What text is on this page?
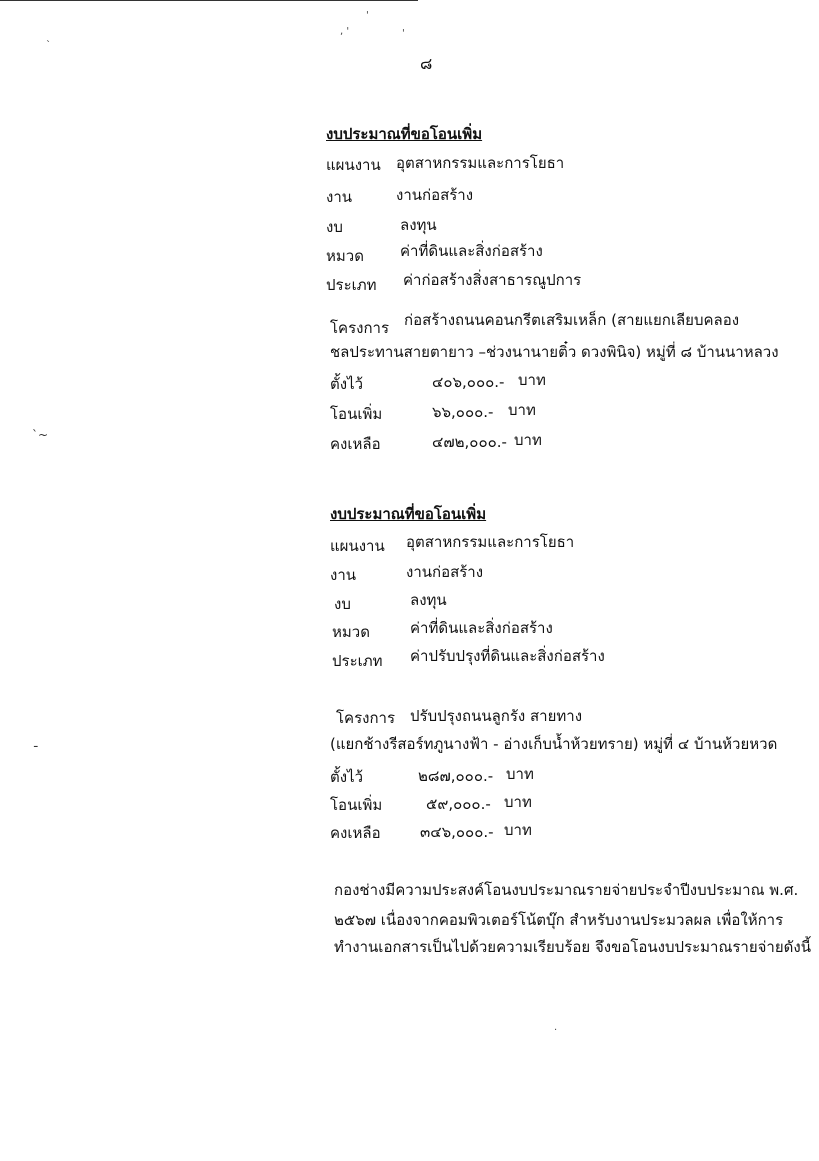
'
, '	'
`
`~
ـ
.
๘
งบประมาณที่ขอโอนเพิ่ม
แผนงาน อุตสาหกรรมและการโยธา
งาน	งานก่อสร้าง
งบ	ลงทุน
หมวด ค่าที่ดินและสิ่งก่อสร้าง
ประเภท ค่าก่อสร้างสิ่งสาธารณูปการ
โครงการ ก่อสร้างถนนคอนกรีตเสริมเหล็ก (สายแยกเลียบคลอง
ชลประทานสายตายาว –ช่วงนานายติ๋ว ดวงพินิจ) หมู่ที่ ๘ บ้านนาหลวง
ตั้งไว้	๔๐๖,๐๐๐.- บาท
โอนเพิ่ม	๖๖,๐๐๐.- บาท
คงเหลือ	๔๗๒,๐๐๐.- บาท
งบประมาณที่ขอโอนเพิ่ม
แผนงาน อุตสาหกรรมและการโยธา
งาน	งานก่อสร้าง
งบ	ลงทุน
หมวด	ค่าที่ดินและสิ่งก่อสร้าง
ประเภท ค่าปรับปรุงที่ดินและสิ่งก่อสร้าง
โครงการ ปรับปรุงถนนลูกรัง สายทาง
(แยกช้างรีสอร์ทภูนางฟ้า - อ่างเก็บน้ำห้วยทราย) หมู่ที่ ๔ บ้านห้วยหวด
ตั้งไว้	๒๘๗,๐๐๐.- บาท
โอนเพิ่ม	๕๙,๐๐๐.- บาท
คงเหลือ	๓๔๖,๐๐๐.- บาท
กองช่างมีความประสงค์โอนงบประมาณรายจ่ายประจำปีงบประมาณ พ.ศ.
๒๕๖๗ เนื่องจากคอมพิวเตอร์โน้ตบุ๊ก สำหรับงานประมวลผล เพื่อให้การ
ทำงานเอกสารเป็นไปด้วยความเรียบร้อย จึงขอโอนงบประมาณรายจ่ายดังนี้
